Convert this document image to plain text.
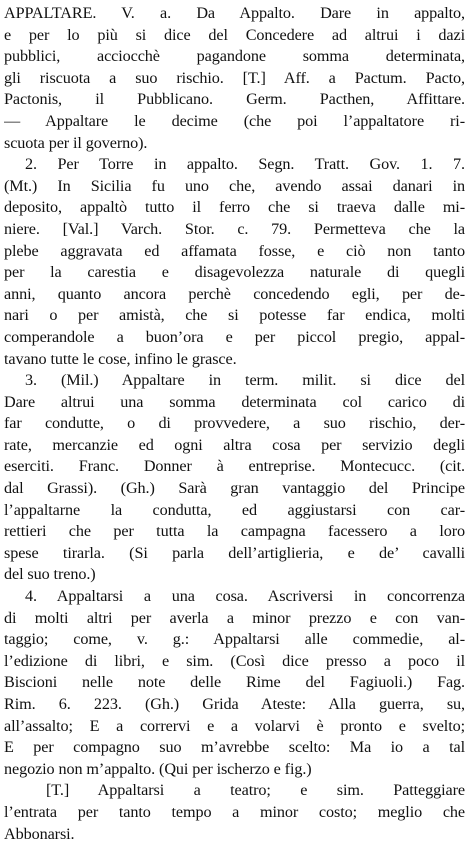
APPALTARE. V. a. Da Appalto. Dare in appalto,
e per lo più si dice del Concedere ad altrui i dazi
pubblici, acciocchè pagandone somma determinata,
gli riscuota a suo rischio. [T.] Aff. a Pactum. Pacto,
Pactonis, il Pubblicano. Germ. Pacthen, Affittare.
— Appaltare le decime (che poi l’appaltatore ri-
scuota per il governo).

2. Per Torre in appalto. Segn. Tratt. Gov. 1. 7.
(Mt.) In Sicilia fu uno che, avendo assai danari in
deposito, appaltò tutto il ferro che si traeva dalle mi-
niere. [Val.] Varch. Stor. c. 79. Permetteva che la
plebe aggravata ed affamata fosse, e ciò non tanto
per la carestia e disagevolezza naturale di quegli
anni, quanto ancora perchè concedendo egli, per de-
nari o per amistà, che si potesse far endica, molti
comperandole a buon’ora e per piccol pregio, appal-
tavano tutte le cose, infino le grasce.

3. (Mil.) Appaltare in term. milit. si dice del
Dare altrui una somma determinata col carico di
far condutte, o di provvedere, a suo rischio, der-
rate, mercanzie ed ogni altra cosa per servizio degli
eserciti. Franc. Donner à entreprise. Montecucc. (cit.
dal Grassi). (Gh.) Sarà gran vantaggio del Principe
l’appaltarne la condutta, ed aggiustarsi con car-
rettieri che per tutta la campagna facessero a loro
spese tirarla. (Si parla dell’artiglieria, e de’ cavalli
del suo treno.)

4. Appaltarsi a una cosa. Ascriversi in concorrenza
di molti altri per averla a minor prezzo e con van-
taggio; come, v. g.: Appaltarsi alle commedie, al-
l’edizione di libri, e sim. (Così dice presso a poco il
Biscioni nelle note delle Rime del Fagiuoli.) Fag.
Rim. 6. 223. (Gh.) Grida Ateste: Alla guerra, su,
all’assalto; E a corrervi e a volarvi è pronto e svelto;
E per compagno suo m’avrebbe scelto: Ma io a tal
negozio non m’appalto. (Qui per ischerzo e fig.)

[T.] Appaltarsi a teatro; e sim. Patteggiare
l’entrata per tanto tempo a minor costo; meglio che
Abbonarsi.
